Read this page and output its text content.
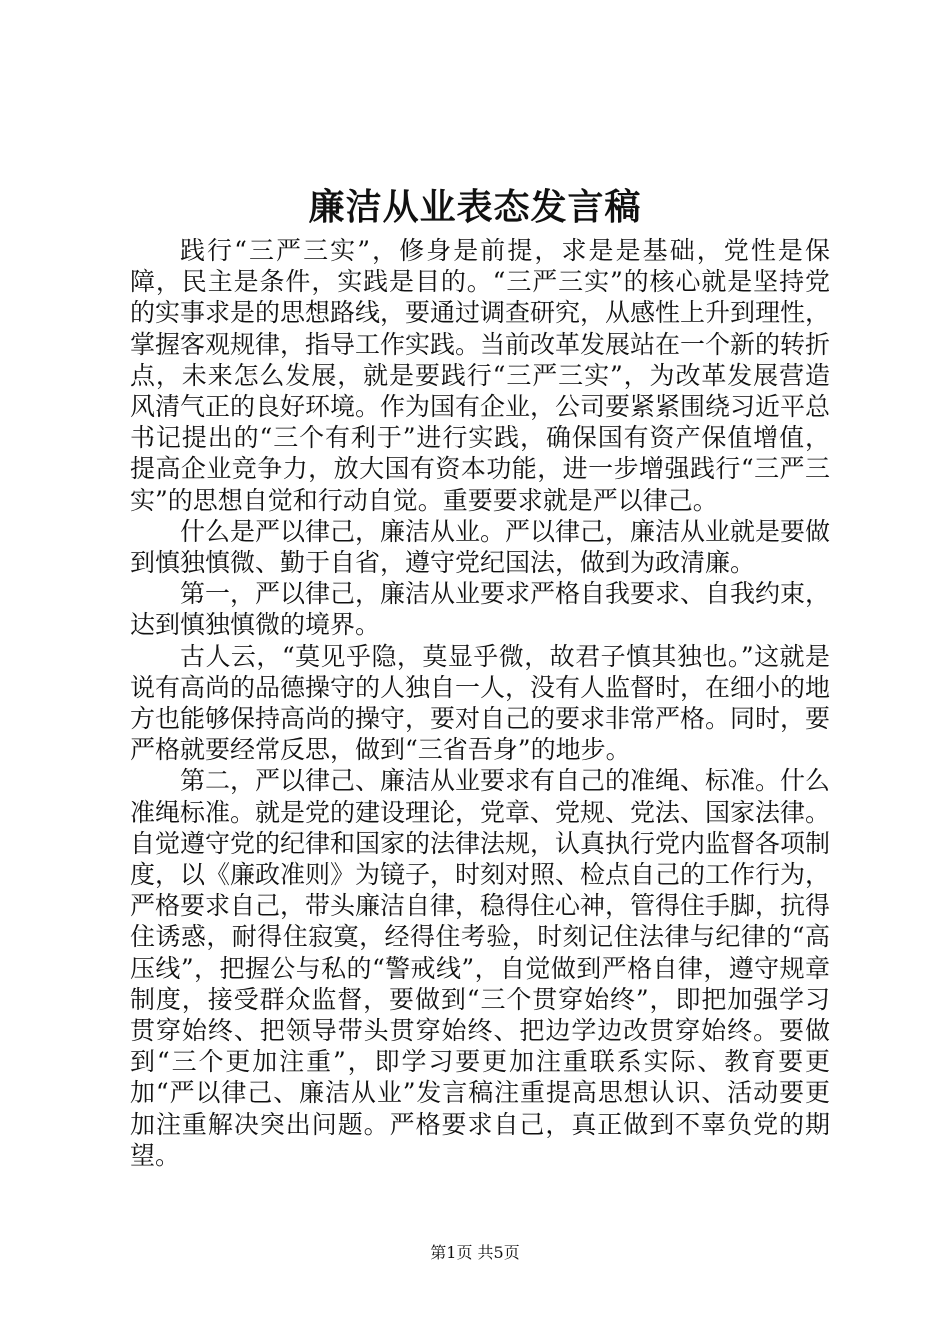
廉洁从业表态发言稿

践行“三严三实”，修身是前提，求是是基础，党性是保障，民主是条件，实践是目的。“三严三实”的核心就是坚持党的实事求是的思想路线，要通过调查研究，从感性上升到理性，掌握客观规律，指导工作实践。当前改革发展站在一个新的转折点，未来怎么发展，就是要践行“三严三实”，为改革发展营造风清气正的良好环境。作为国有企业，公司要紧紧围绕习近平总书记提出的“三个有利于”进行实践，确保国有资产保值增值，提高企业竞争力，放大国有资本功能，进一步增强践行“三严三实”的思想自觉和行动自觉。重要要求就是严以律己。

什么是严以律己，廉洁从业。严以律己，廉洁从业就是要做到慎独慎微、勤于自省，遵守党纪国法，做到为政清廉。

第一，严以律己，廉洁从业要求严格自我要求、自我约束，达到慎独慎微的境界。

古人云，“莫见乎隐，莫显乎微，故君子慎其独也。”这就是说有高尚的品德操守的人独自一人，没有人监督时，在细小的地方也能够保持高尚的操守，要对自己的要求非常严格。同时，要严格就要经常反思，做到“三省吾身”的地步。

第二，严以律己、廉洁从业要求有自己的准绳、标准。什么准绳标准。就是党的建设理论，党章、党规、党法、国家法律。自觉遵守党的纪律和国家的法律法规，认真执行党内监督各项制度，以《廉政准则》为镜子，时刻对照、检点自己的工作行为，严格要求自己，带头廉洁自律，稳得住心神，管得住手脚，抗得住诱惑，耐得住寂寞，经得住考验，时刻记住法律与纪律的“高压线”，把握公与私的“警戒线”，自觉做到严格自律，遵守规章制度，接受群众监督，要做到“三个贯穿始终”，即把加强学习贯穿始终、把领导带头贯穿始终、把边学边改贯穿始终。要做到“三个更加注重”，即学习要更加注重联系实际、教育要更加“严以律己、廉洁从业”发言稿注重提高思想认识、活动要更加注重解决突出问题。严格要求自己，真正做到不辜负党的期望。

第1页 共5页
